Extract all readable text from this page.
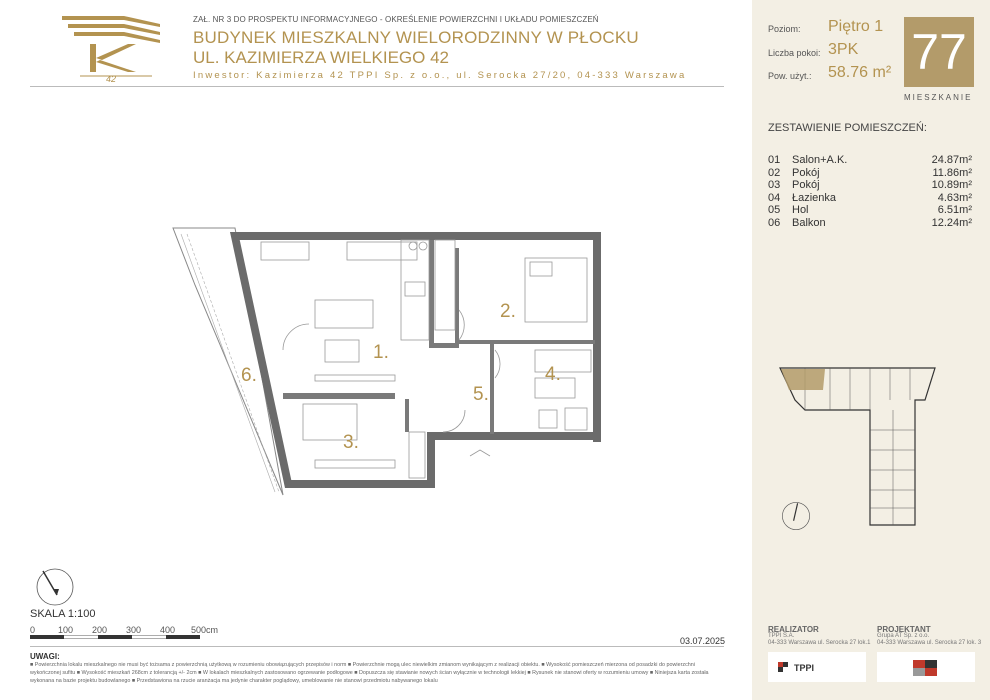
42
ZAŁ. NR 3 DO PROSPEKTU INFORMACYJNEGO - OKREŚLENIE POWIERZCHNI I UKŁADU POMIESZCZEŃ
BUDYNEK MIESZKALNY WIELORODZINNY W PŁOCKU
UL. KAZIMIERZA WIELKIEGO 42
Inwestor: Kazimierza 42 TPPI Sp. z o.o., ul. Serocka 27/20, 04-333 Warszawa
1.
2.
3.
4.
5.
6.
SKALA 1:100
0	100 200 300 400 500cm
03.07.2025
UWAGI:
■ Powierzchnia lokalu mieszkalnego nie musi być tożsama z powierzchnią użytkową w rozumieniu obowiązujących przepisów i norm ■ Powierzchnie mogą ulec niewielkim zmianom wynikającym z realizacji obiektu. ■ Wysokość pomieszczeń mierzona od posadzki do powierzchni wykończonej sufitu ■ Wysokość mieszkań 268cm z tolerancją +/- 2cm ■ W lokalach mieszkalnych zastosowano ogrzewanie podłogowe ■ Dopuszcza się stawianie nowych ścian wyłącznie w technologii lekkiej ■ Rysunek nie stanowi oferty w rozumieniu umowy ■ Niniejsza karta została wykonana na bazie projektu budowlanego ■ Przedstawiona na rzucie aranżacja ma jedynie charakter poglądowy, umeblowanie nie stanowi przedmiotu nabywanego lokalu
Poziom: Piętro 1
Liczba pokoi: 3PK
Pow. użyt.: 58.76 m² 77
MIESZKANIE
ZESTAWIENIE POMIESZCZEŃ:
01	Salon+A.K.	24.87m²
02	Pokój	11.86m²
03	Pokój	10.89m²
04	Łazienka	4.63m²
05	Hol	6.51m²
06	Balkon	12.24m²
REALIZATOR
TPPI S.A.
04-333 Warszawa ul. Serocka 27 lok.1
PROJEKTANT
Grupa AT Sp. z o.o.
04-333 Warszawa ul. Serocka 27 lok. 3
TPPI
